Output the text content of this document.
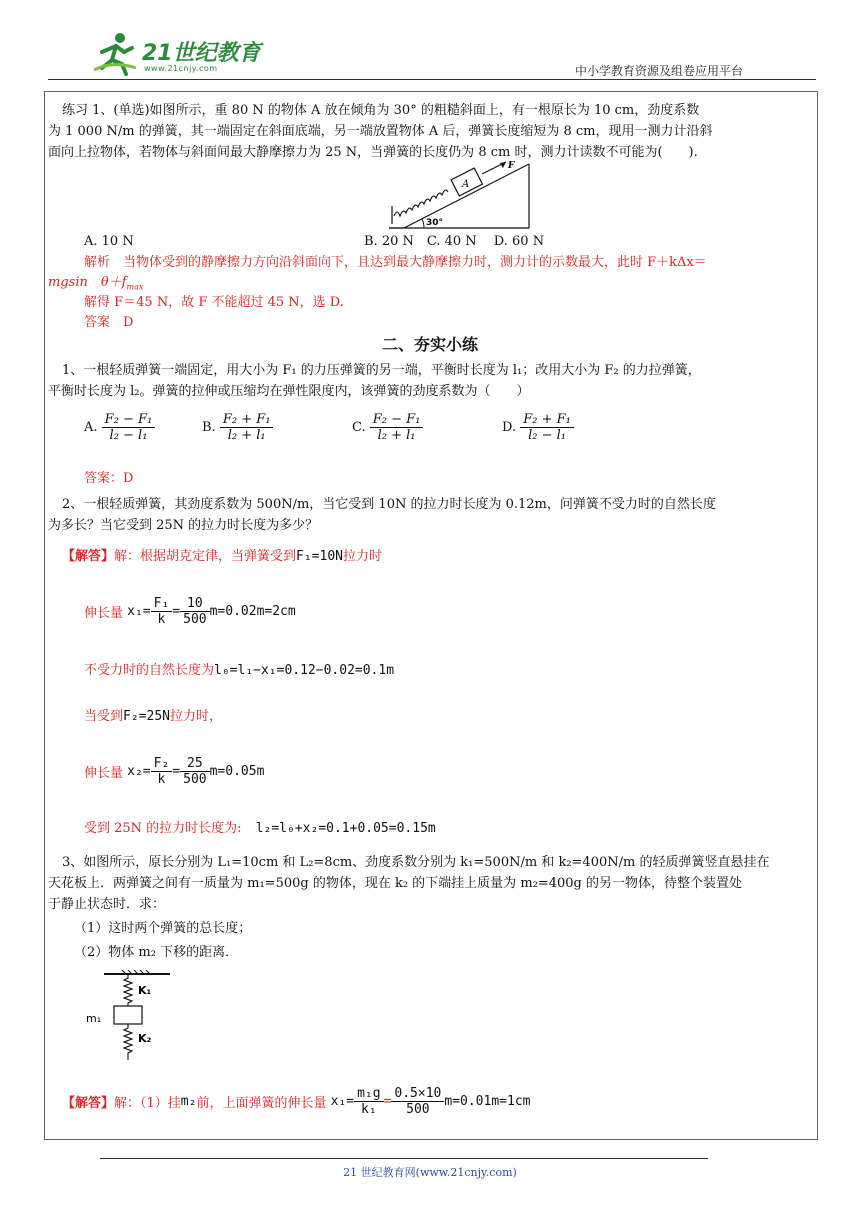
21世纪教育
www.21cnjy.com	中小学教育资源及组卷应用平台
练习 1、(单选)如图所示，重 80 N 的物体 A 放在倾角为 30° 的粗糙斜面上，有一根原长为 10 cm，劲度系数
为 1 000 N/m 的弹簧，其一端固定在斜面底端，另一端放置物体 A 后，弹簧长度缩短为 8 cm，现用一测力计沿斜
面向上拉物体，若物体与斜面间最大静摩擦力为 25 N，当弹簧的长度仍为 8 cm 时，测力计读数不可能为(　　).
A
F
30°
A. 10 N	B. 20 N　C. 40 N　 D. 60 N
解析　当物体受到的静摩擦力方向沿斜面向下，且达到最大静摩擦力时，测力计的示数最大，此时 F＋kΔx＝
mgsin　$\theta+f_{max}$
解得 F＝45 N，故 F 不能超过 45 N，选 D.
答案　D
二、夯实小练
1、一根轻质弹簧一端固定，用大小为 F₁ 的力压弹簧的另一端，平衡时长度为 l₁；改用大小为 F₂ 的力拉弹簧，
平衡时长度为 l₂。弹簧的拉伸或压缩均在弹性限度内，该弹簧的劲度系数为（　　）
A. $\frac{\text{F₂ − F₁}}{\text{l₂ − l₁}}$	B. $\frac{\text{F₂ + F₁}}{\text{l₂ + l₁}}$	C. $\frac{\text{F₂ − F₁}}{\text{l₂ + l₁}}$	D. $\frac{\text{F₂ + F₁}}{\text{l₂ − l₁}}$
答案：D
2、一根轻质弹簧，其劲度系数为 500N/m，当它受到 10N 的拉力时长度为 0.12m，问弹簧不受力时的自然长度
为多长？当它受到 25N 的拉力时长度为多少？
【解答】解：根据胡克定律，当弹簧受到F₁=10N拉力时
伸长量 $x_1= \frac{\text{F₁}}{k} = \frac{10}{500} m=0.02m=2cm$
不受力时的自然长度为l₀=l₁−x₁=0.12−0.02=0.1m
当受到F₂=25N拉力时，
伸长量 $x_2= \frac{\text{F₂}}{k} = \frac{25}{500} m=0.05m$
受到 25N 的拉力时长度为: l₂=l₀+x₂=0.1+0.05=0.15m
3、如图所示，原长分别为 L₁=10cm 和 L₂=8cm、劲度系数分别为 k₁=500N/m 和 k₂=400N/m 的轻质弹簧竖直悬挂在
天花板上．两弹簧之间有一质量为 m₁=500g 的物体，现在 k₂ 的下端挂上质量为 m₂=400g 的另一物体，待整个装置处
于静止状态时．求：
（1）这时两个弹簧的总长度；
（2）物体 m₂ 下移的距离．
K₁
K₂
m₁
【解答】解：（1）挂m₂前，上面弹簧的伸长量 $x_1= \frac{\text{m₁g}}{\text{k₁}} = \frac{0.5\times 10}{500} m=0.01m=1cm$
21 世纪教育网(www.21cnjy.com)
